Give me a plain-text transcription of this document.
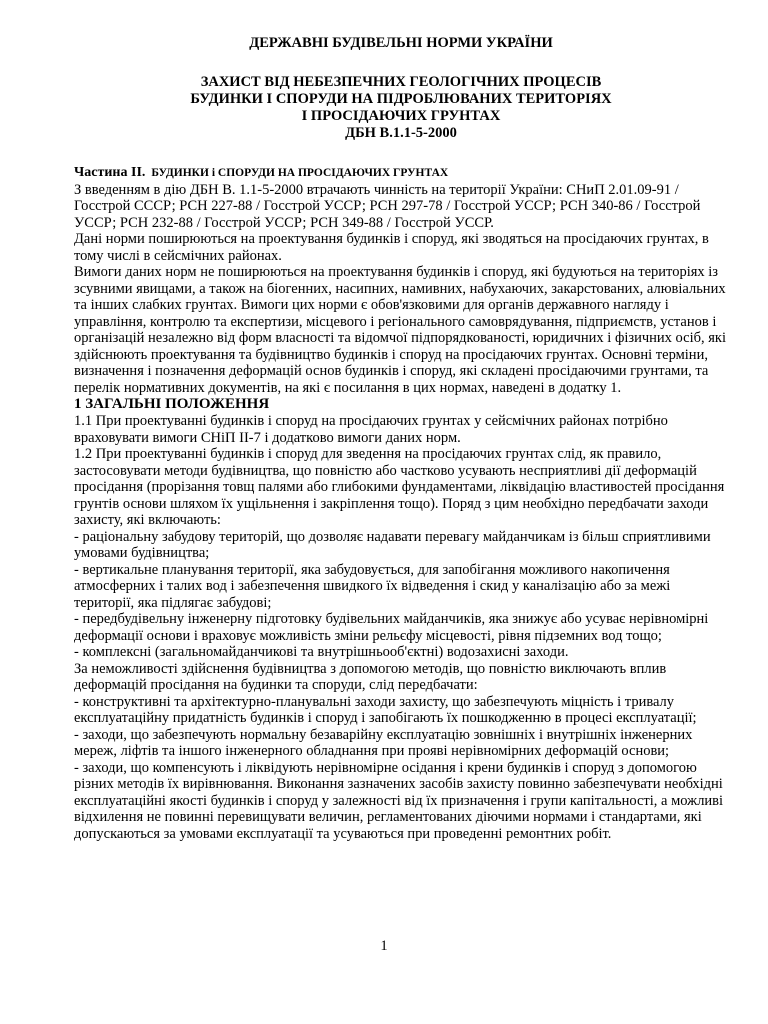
ДЕРЖАВНІ БУДІВЕЛЬНІ НОРМИ УКРАЇНИ
ЗАХИСТ ВІД НЕБЕЗПЕЧНИХ ГЕОЛОГІЧНИХ ПРОЦЕСІВ
БУДИНКИ І СПОРУДИ НА ПІДРОБЛЮВАНИХ ТЕРИТОРІЯХ
І ПРОСІДАЮЧИХ ГРУНТАХ
ДБН В.1.1-5-2000
Частина II. БУДИНКИ і СПОРУДИ НА ПРОСІДАЮЧИХ ГРУНТАХ

З введенням в дію ДБН В. 1.1-5-2000 втрачають чинність на території України: СНиП 2.01.09-91 / Госстрой СССР; РСН 227-88 / Госстрой УССР; РСН 297-78 / Госстрой УССР; РСН 340-86 / Госстрой УССР; РСН 232-88 / Госстрой УССР; РСН 349-88 / Госстрой УССР.

Дані норми поширюються на проектування будинків і споруд, які зводяться на просідаючих грунтах, в тому числі в сейсмічних районах.

Вимоги даних норм не поширюються на проектування будинків і споруд, які будуються на територіях із зсувними явищами, а також на біогенних, насипних, намивних, набухаючих, закарстованих, алювіальних та інших слабких грунтах. Вимоги цих норми є обов'язковими для органів державного нагляду і управління, контролю та експертизи, місцевого і регіонального самоврядування, підприємств, установ і організацій незалежно від форм власності та відомчої підпорядкованості, юридичних і фізичних осіб, які здійснюють проектування та будівництво будинків і споруд на просідаючих грунтах. Основні терміни, визначення і позначення деформацій основ будинків і споруд, які складені просідаючими грунтами, та перелік нормативних документів, на які є посилання в цих нормах, наведені в додатку 1.

1 ЗАГАЛЬНІ ПОЛОЖЕННЯ

1.1 При проектуванні будинків і споруд на просідаючих грунтах у сейсмічних районах потрібно враховувати вимоги СНіП ІІ-7 і додатково вимоги даних норм.

1.2 При проектуванні будинків і споруд для зведення на просідаючих грунтах слід, як правило, застосовувати методи будівництва, що повністю або частково усувають несприятливі дії деформацій просідання (прорізання товщ палями або глибокими фундаментами, ліквідацію властивостей просідання грунтів основи шляхом їх ущільнення і закріплення тощо). Поряд з цим необхідно передбачати заходи захисту, які включають:

- раціональну забудову територій, що дозволяє надавати перевагу майданчикам із більш сприятливими умовами будівництва;

- вертикальне планування території, яка забудовується, для запобігання можливого накопичення атмосферних і талих вод і забезпечення швидкого їх відведення і скид у каналізацію або за межі території, яка підлягає забудові;

- передбудівельну інженерну підготовку будівельних майданчиків, яка знижує або усуває нерівномірні деформації основи і враховує можливість зміни рельєфу місцевості, рівня підземних вод тощо;

- комплексні (загальномайданчикові та внутрішньооб'єктні) водозахисні заходи.

За неможливості здійснення будівництва з допомогою методів, що повністю виключають вплив деформацій просідання на будинки та споруди, слід передбачати:

- конструктивні та архітектурно-планувальні заходи захисту, що забезпечують міцність і тривалу експлуатаційну придатність будинків і споруд і запобігають їх пошкодженню в процесі експлуатації;

- заходи, що забезпечують нормальну безаварійну експлуатацію зовнішніх і внутрішніх інженерних мереж, ліфтів та іншого інженерного обладнання при прояві нерівномірних деформацій основи;

- заходи, що компенсують і ліквідують нерівномірне осідання і крени будинків і споруд з допомогою різних методів їх вирівнювання. Виконання зазначених засобів захисту повинно забезпечувати необхідні експлуатаційні якості будинків і споруд у залежності від їх призначення і групи капітальності, а можливі відхилення не повинні перевищувати величин, регламентованих діючими нормами і стандартами, які допускаються за умовами експлуатації та усуваються при проведенні ремонтних робіт.

1
